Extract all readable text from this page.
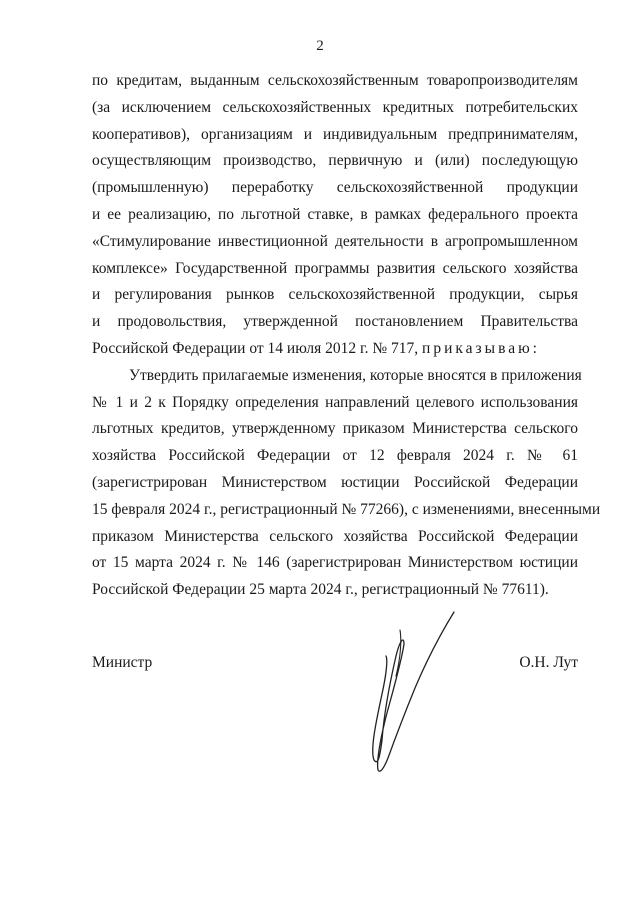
2
по кредитам, выданным сельскохозяйственным товаропроизводителям
(за исключением сельскохозяйственных кредитных потребительских
кооперативов), организациям и индивидуальным предпринимателям,
осуществляющим производство, первичную и (или) последующую
(промышленную) переработку сельскохозяйственной продукции
и ее реализацию, по льготной ставке, в рамках федерального проекта
«Стимулирование инвестиционной деятельности в агропромышленном
комплексе» Государственной программы развития сельского хозяйства
и регулирования рынков сельскохозяйственной продукции, сырья
и продовольствия, утвержденной постановлением Правительства
Российской Федерации от 14 июля 2012 г. № 717, приказываю:
Утвердить прилагаемые изменения, которые вносятся в приложения
№ 1 и 2 к Порядку определения направлений целевого использования
льготных кредитов, утвержденному приказом Министерства сельского
хозяйства Российской Федерации от 12 февраля 2024 г. № 61
(зарегистрирован Министерством юстиции Российской Федерации
15 февраля 2024 г., регистрационный № 77266), с изменениями, внесенными
приказом Министерства сельского хозяйства Российской Федерации
от 15 марта 2024 г. № 146 (зарегистрирован Министерством юстиции
Российской Федерации 25 марта 2024 г., регистрационный № 77611).
Министр	О.Н. Лут
